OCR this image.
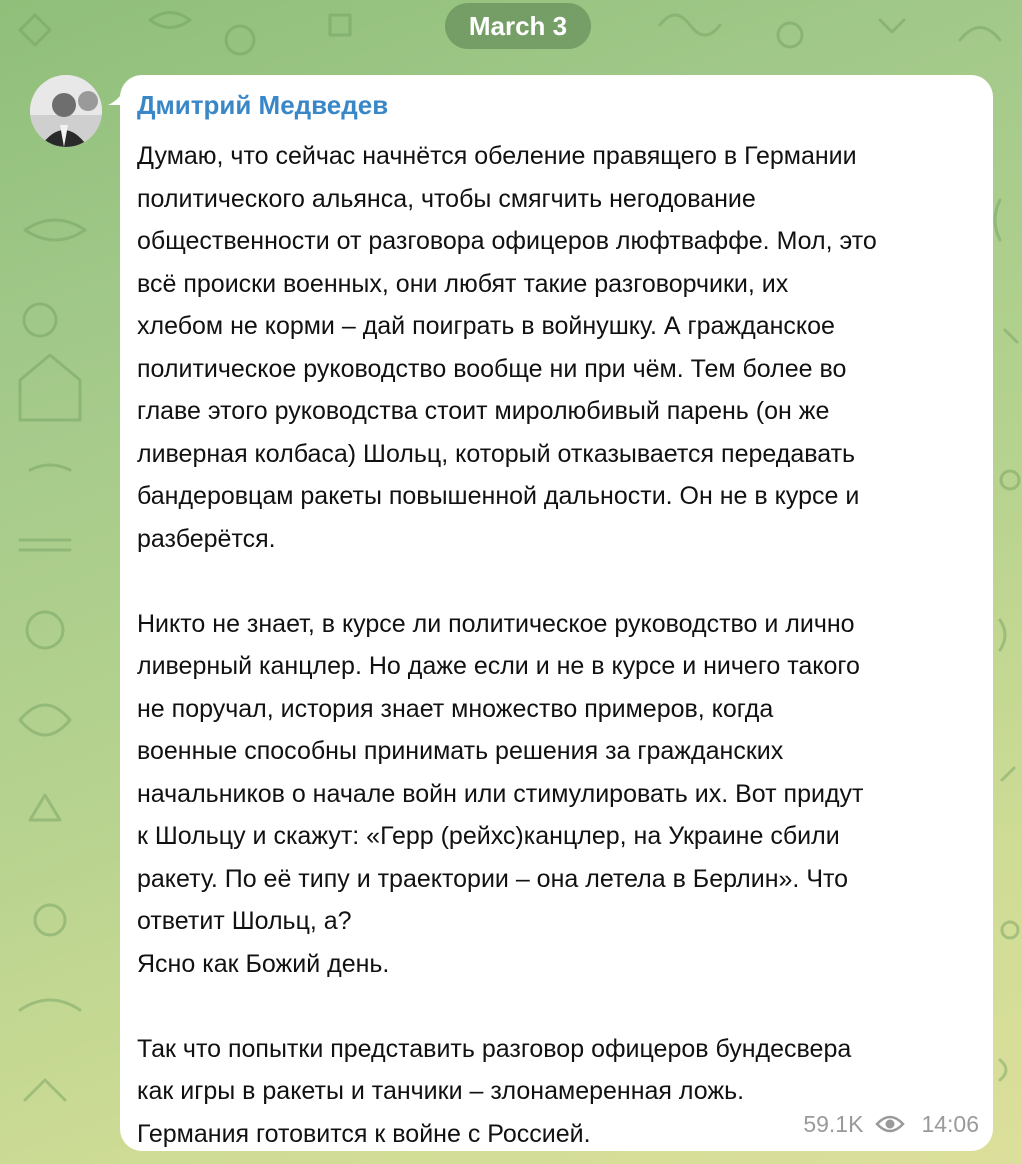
March 3
Дмитрий Медведев

Думаю, что сейчас начнётся обеление правящего в Германии

политического альянса, чтобы смягчить негодование

общественности от разговора офицеров люфтваффе. Мол, это

всё происки военных, они любят такие разговорчики, их

хлебом не корми – дай поиграть в войнушку. А гражданское

политическое руководство вообще ни при чём. Тем более во

главе этого руководства стоит миролюбивый парень (он же

ливерная колбаса) Шольц, который отказывается передавать

бандеровцам ракеты повышенной дальности. Он не в курсе и

разберётся.

Никто не знает, в курсе ли политическое руководство и лично

ливерный канцлер. Но даже если и не в курсе и ничего такого

не поручал, история знает множество примеров, когда

военные способны принимать решения за гражданских

начальников о начале войн или стимулировать их. Вот придут

к Шольцу и скажут: «Герр (рейхс)канцлер, на Украине сбили

ракету. По её типу и траектории – она летела в Берлин». Что

ответит Шольц, а?

Ясно как Божий день.

Так что попытки представить разговор офицеров бундесвера

как игры в ракеты и танчики – злонамеренная ложь.

Германия готовится к войне с Россией.	59.1K	14:06
